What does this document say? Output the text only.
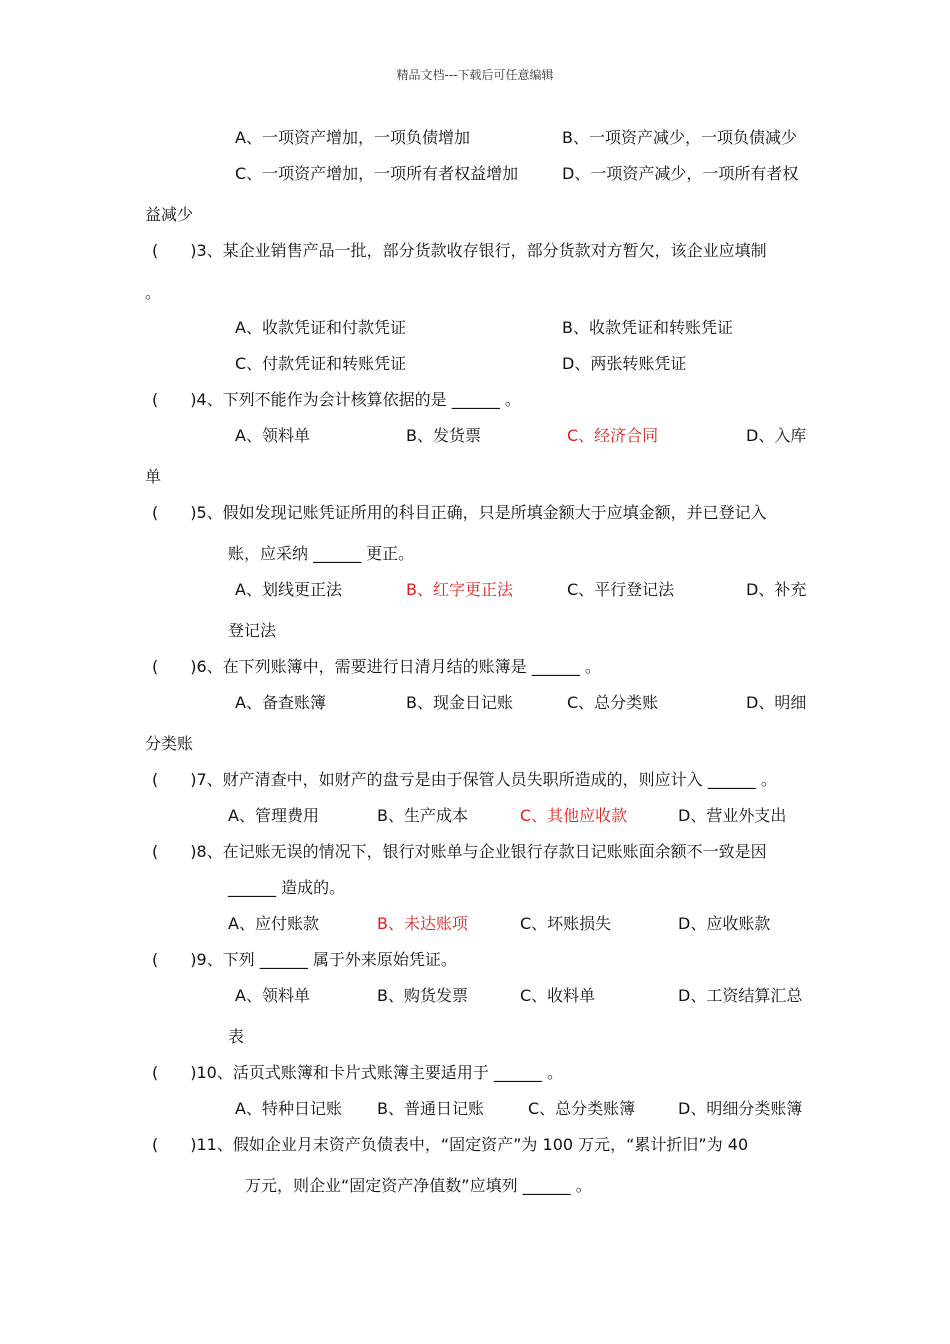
精品文档---下载后可任意编辑
A、一项资产增加，一项负债增加	B、一项资产减少，一项负债减少
C、一项资产增加，一项所有者权益增加	D、一项资产减少，一项所有者权
益减少
(　　)3、某企业销售产品一批，部分货款收存银行，部分货款对方暂欠，该企业应填制
。
A、收款凭证和付款凭证	B、收款凭证和转账凭证
C、付款凭证和转账凭证	D、两张转账凭证
(　　)4、下列不能作为会计核算依据的是 ______ 。
A、领料单	B、发货票	C、经济合同	D、入库
单
(　　)5、假如发现记账凭证所用的科目正确，只是所填金额大于应填金额，并已登记入
账，应采纳 ______ 更正。
A、划线更正法	B、红字更正法	C、平行登记法	D、补充
登记法
(　　)6、在下列账簿中，需要进行日清月结的账簿是 ______ 。
A、备查账簿	B、现金日记账	C、总分类账	D、明细
分类账
(　　)7、财产清查中，如财产的盘亏是由于保管人员失职所造成的，则应计入 ______ 。
A、管理费用	B、生产成本	C、其他应收款	D、营业外支出
(　　)8、在记账无误的情况下，银行对账单与企业银行存款日记账账面余额不一致是因
______ 造成的。
A、应付账款	B、未达账项	C、坏账损失	D、应收账款
(　　)9、下列 ______ 属于外来原始凭证。
A、领料单	B、购货发票	C、收料单	D、工资结算汇总
表
(　　)10、活页式账簿和卡片式账簿主要适用于 ______ 。
A、特种日记账 B、普通日记账	C、总分类账簿	D、明细分类账簿
(　　)11、假如企业月末资产负债表中，“固定资产”为 100 万元，“累计折旧”为 40
万元，则企业“固定资产净值数”应填列 ______ 。
